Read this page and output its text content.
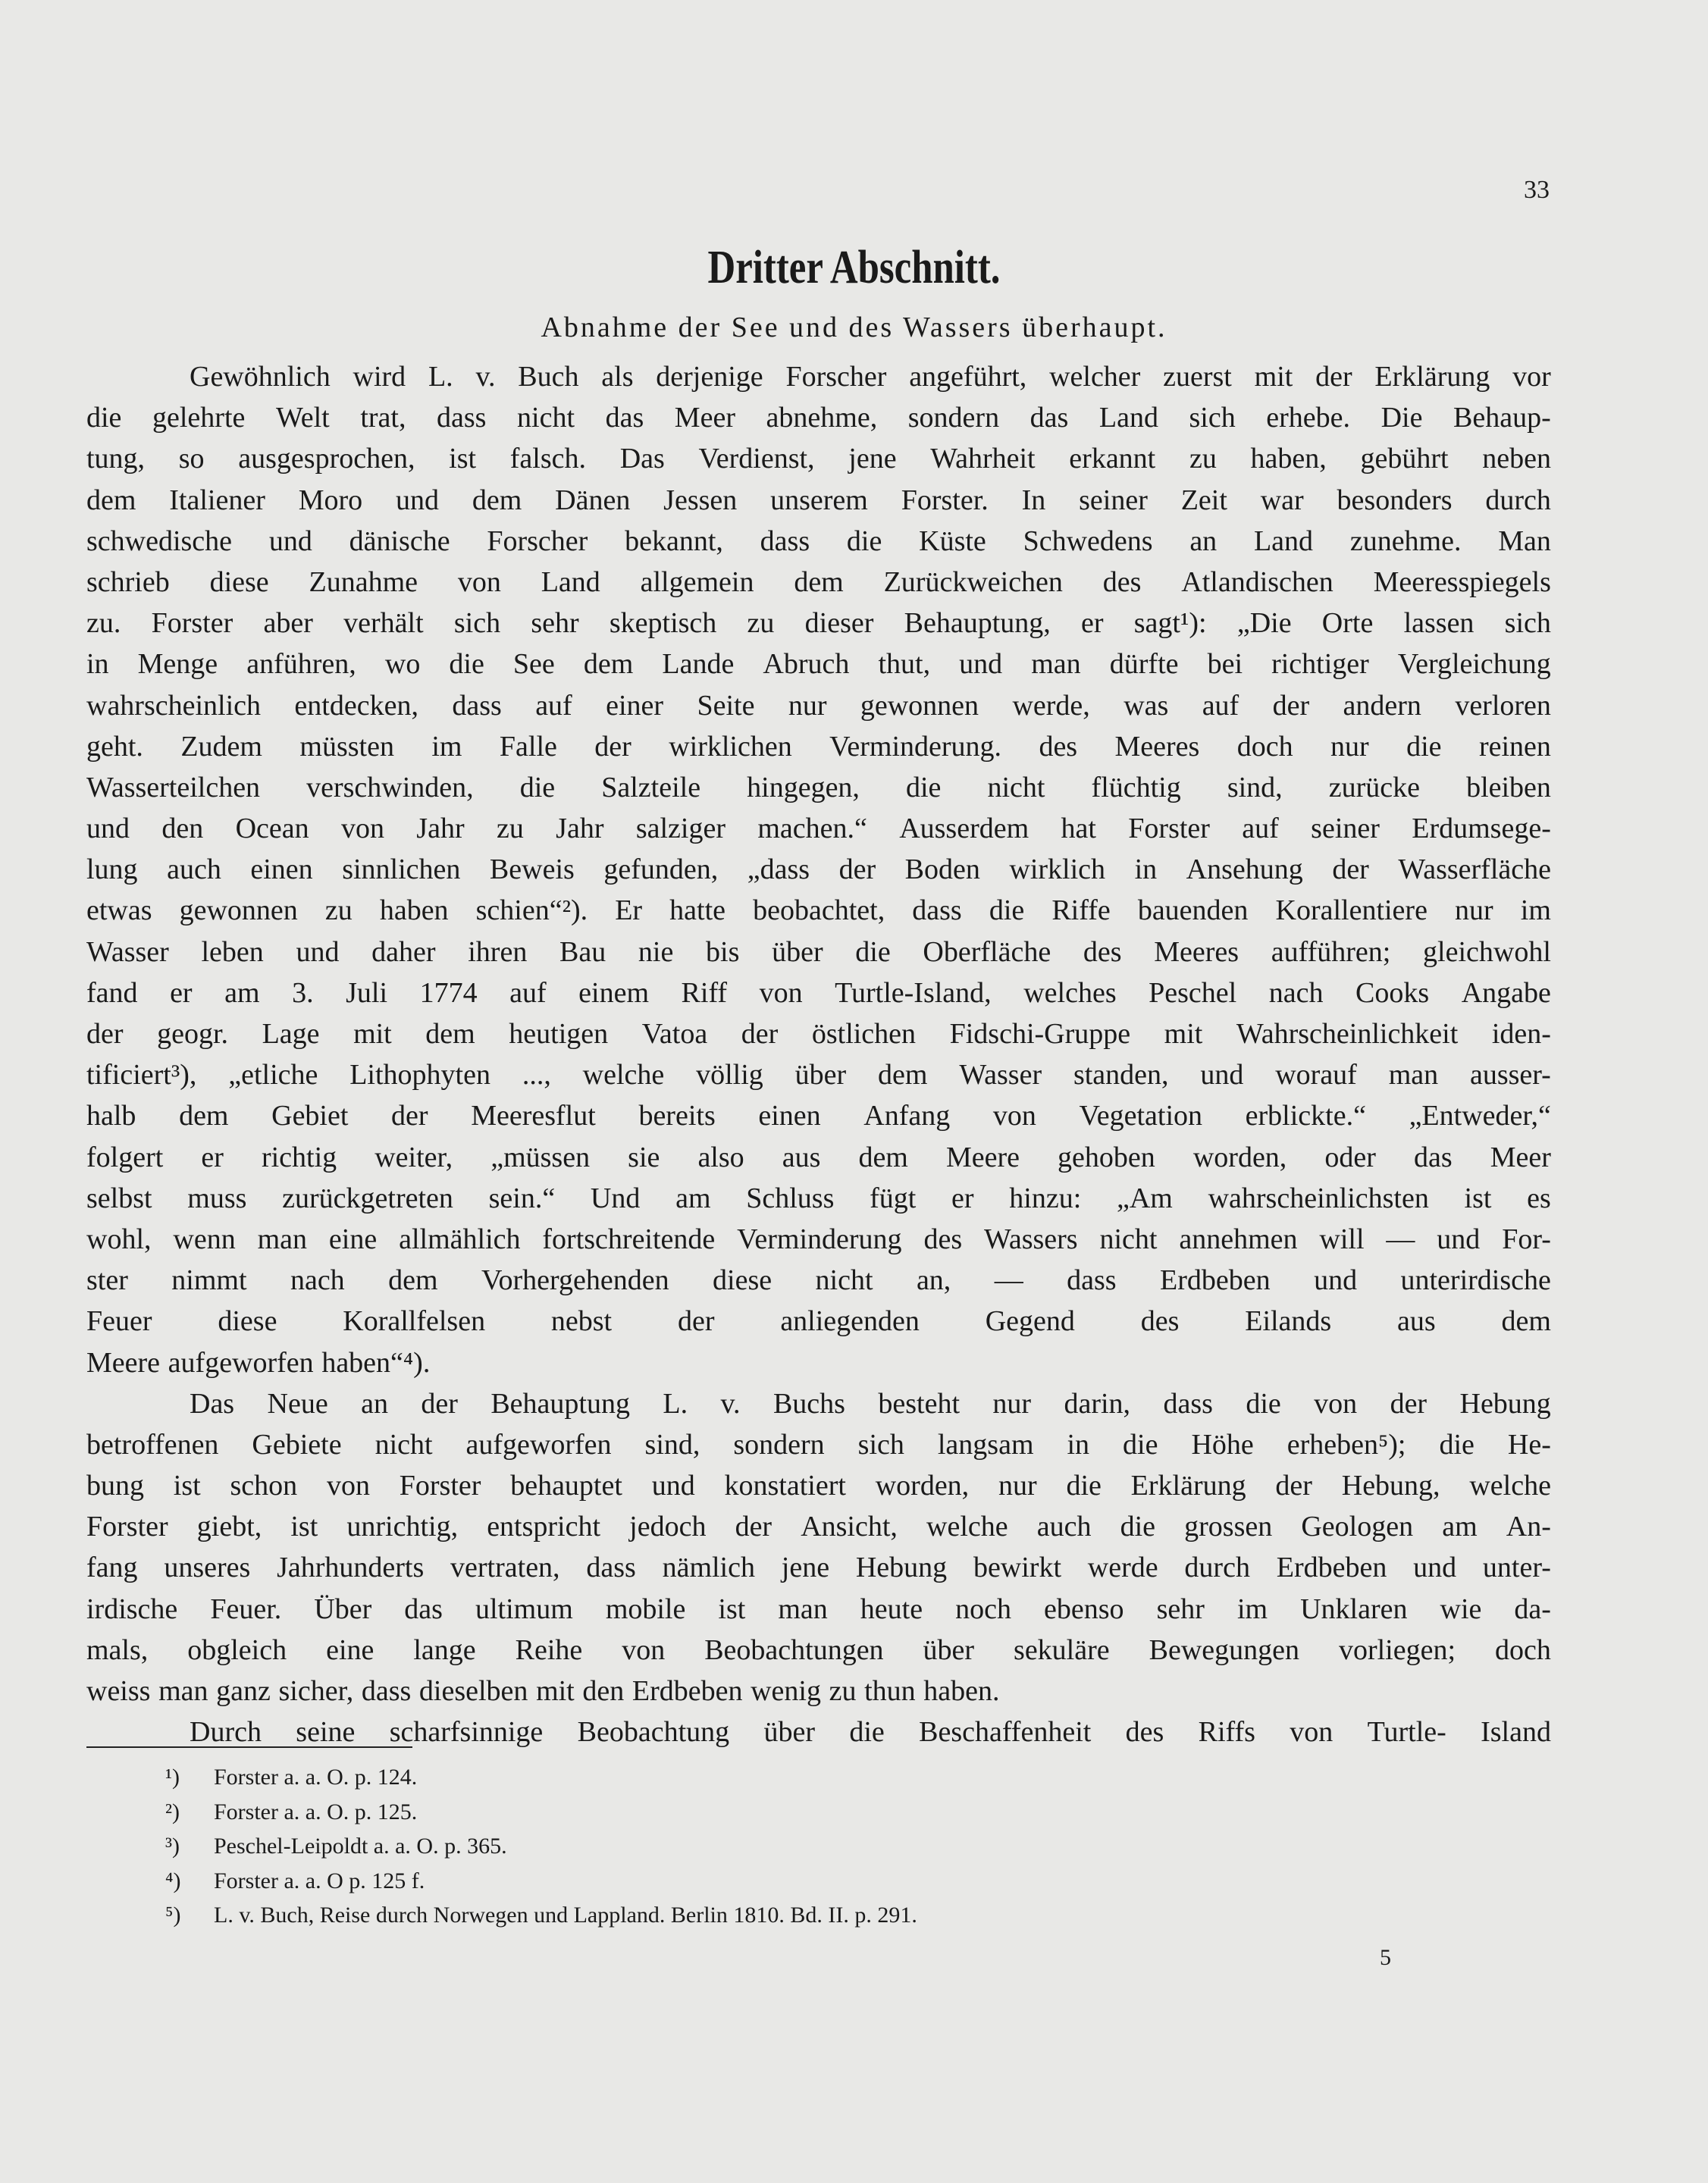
33
Dritter Abschnitt.
Abnahme der See und des Wassers überhaupt.
Gewöhnlich wird L. v. Buch als derjenige Forscher angeführt, welcher zuerst mit der Erklärung vor
die gelehrte Welt trat, dass nicht das Meer abnehme, sondern das Land sich erhebe. Die Behaup-
tung, so ausgesprochen, ist falsch. Das Verdienst, jene Wahrheit erkannt zu haben, gebührt neben
dem Italiener Moro und dem Dänen Jessen unserem Forster. In seiner Zeit war besonders durch
schwedische und dänische Forscher bekannt, dass die Küste Schwedens an Land zunehme. Man
schrieb diese Zunahme von Land allgemein dem Zurückweichen des Atlandischen Meeresspiegels
zu. Forster aber verhält sich sehr skeptisch zu dieser Behauptung, er sagt¹): „Die Orte lassen sich
in Menge anführen, wo die See dem Lande Abruch thut, und man dürfte bei richtiger Vergleichung
wahrscheinlich entdecken, dass auf einer Seite nur gewonnen werde, was auf der andern verloren
geht. Zudem müssten im Falle der wirklichen Verminderung. des Meeres doch nur die reinen
Wasserteilchen verschwinden, die Salzteile hingegen, die nicht flüchtig sind, zurücke bleiben
und den Ocean von Jahr zu Jahr salziger machen.“ Ausserdem hat Forster auf seiner Erdumsege-
lung auch einen sinnlichen Beweis gefunden, „dass der Boden wirklich in Ansehung der Wasserfläche
etwas gewonnen zu haben schien“²). Er hatte beobachtet, dass die Riffe bauenden Korallentiere nur im
Wasser leben und daher ihren Bau nie bis über die Oberfläche des Meeres aufführen; gleichwohl
fand er am 3. Juli 1774 auf einem Riff von Turtle-Island, welches Peschel nach Cooks Angabe
der geogr. Lage mit dem heutigen Vatoa der östlichen Fidschi-Gruppe mit Wahrscheinlichkeit iden-
tificiert³), „etliche Lithophyten ..., welche völlig über dem Wasser standen, und worauf man ausser-
halb dem Gebiet der Meeresflut bereits einen Anfang von Vegetation erblickte.“ „Entweder,“
folgert er richtig weiter, „müssen sie also aus dem Meere gehoben worden, oder das Meer
selbst muss zurückgetreten sein.“ Und am Schluss fügt er hinzu: „Am wahrscheinlichsten ist es
wohl, wenn man eine allmählich fortschreitende Verminderung des Wassers nicht annehmen will — und For-
ster nimmt nach dem Vorhergehenden diese nicht an, — dass Erdbeben und unterirdische
Feuer diese Korallfelsen nebst der anliegenden Gegend des Eilands aus dem
Meere aufgeworfen haben“⁴).
Das Neue an der Behauptung L. v. Buchs besteht nur darin, dass die von der Hebung
betroffenen Gebiete nicht aufgeworfen sind, sondern sich langsam in die Höhe erheben⁵); die He-
bung ist schon von Forster behauptet und konstatiert worden, nur die Erklärung der Hebung, welche
Forster giebt, ist unrichtig, entspricht jedoch der Ansicht, welche auch die grossen Geologen am An-
fang unseres Jahrhunderts vertraten, dass nämlich jene Hebung bewirkt werde durch Erdbeben und unter-
irdische Feuer. Über das ultimum mobile ist man heute noch ebenso sehr im Unklaren wie da-
mals, obgleich eine lange Reihe von Beobachtungen über sekuläre Bewegungen vorliegen; doch
weiss man ganz sicher, dass dieselben mit den Erdbeben wenig zu thun haben.
Durch seine scharfsinnige Beobachtung über die Beschaffenheit des Riffs von Turtle- Island
¹)	Forster a. a. O. p. 124.
²)	Forster a. a. O. p. 125.
³)	Peschel-Leipoldt a. a. O. p. 365.
⁴)	Forster a. a. O p. 125 f.
⁵)	L. v. Buch, Reise durch Norwegen und Lappland. Berlin 1810. Bd. II. p. 291.
5
